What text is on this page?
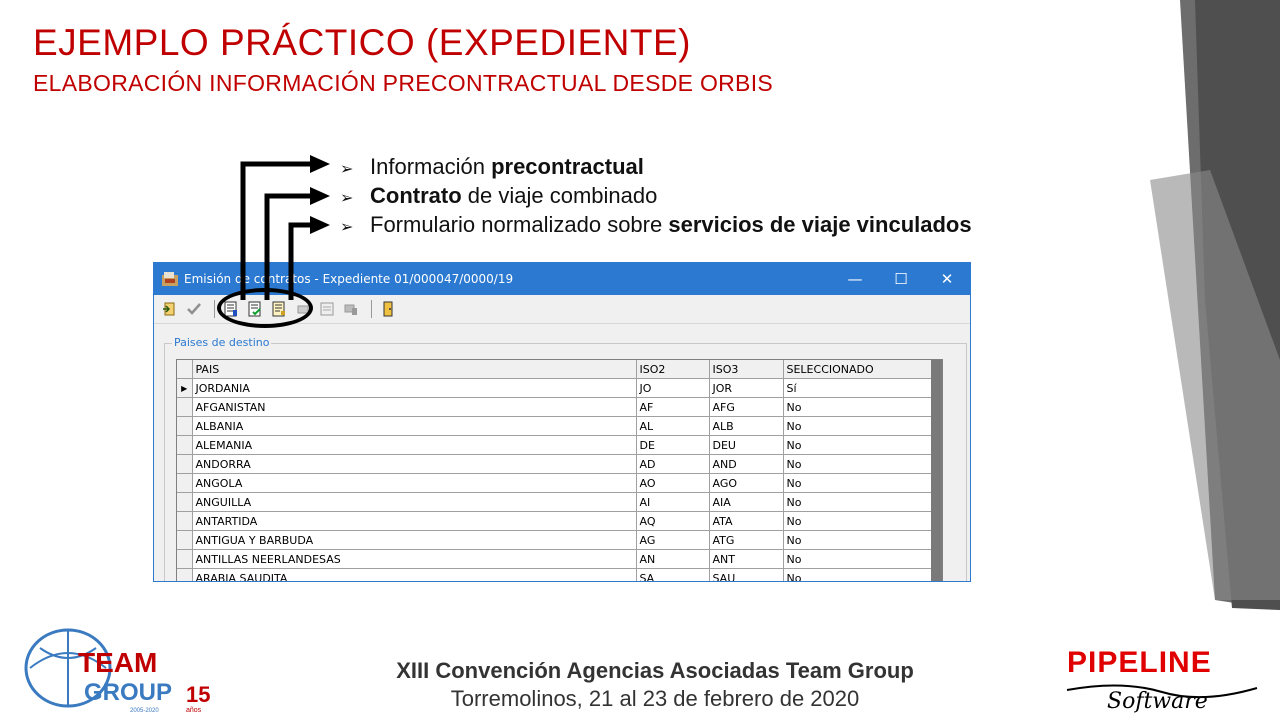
EJEMPLO PRÁCTICO (EXPEDIENTE)
ELABORACIÓN INFORMACIÓN PRECONTRACTUAL DESDE ORBIS
➢ Información precontractual
➢ Contrato de viaje combinado
➢ Formulario normalizado sobre servicios de viaje vinculados
Emisión de contratos - Expediente 01/000047/0000/19	—	☐	✕
Paises de destino
	PAIS	ISO2	ISO3	SELECCIONADO
▶	JORDANIA	JO	JOR	Sí
	AFGANISTAN	AF	AFG	No
	ALBANIA	AL	ALB	No
	ALEMANIA	DE	DEU	No
	ANDORRA	AD	AND	No
	ANGOLA	AO	AGO	No
	ANGUILLA	AI	AIA	No
	ANTARTIDA	AQ	ATA	No
	ANTIGUA Y BARBUDA	AG	ATG	No
	ANTILLAS NEERLANDESAS	AN	ANT	No
	ARABIA SAUDITA	SA	SAU	No
XIII Convención Agencias Asociadas Team Group
Torremolinos, 21 al 23 de febrero de 2020
TEAM
GROUP 15
años
2005-2020
PIPELINE
Software
